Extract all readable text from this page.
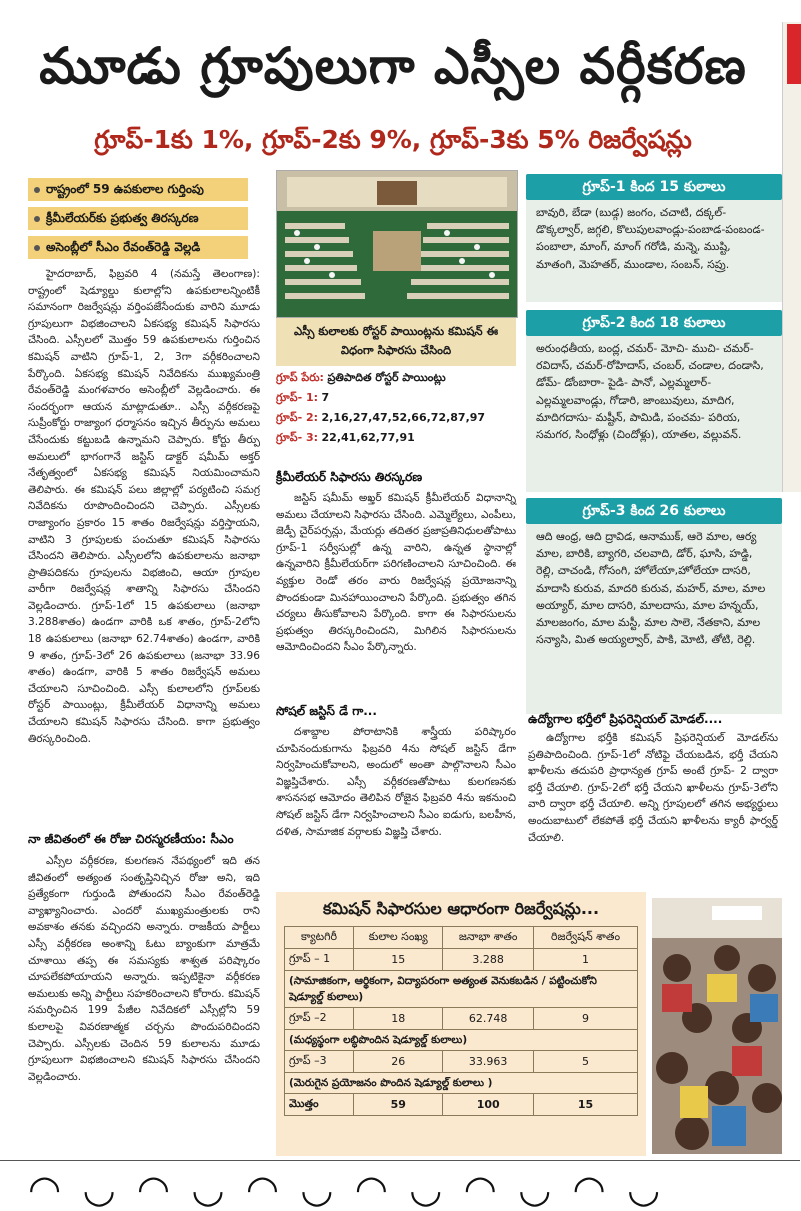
మూడు గ్రూపులుగా ఎస్సీల వర్గీకరణ
గ్రూప్-1కు 1%, గ్రూప్-2కు 9%, గ్రూప్-3కు 5% రిజర్వేషన్లు
రాష్ట్రంలో 59 ఉపకులాల గుర్తింపు
క్రీమీలేయర్‌కు ప్రభుత్వ తిరస్కరణ
అసెంబ్లీలో సీఎం రేవంత్‌రెడ్డి వెల్లడి

హైదరాబాద్, ఫిబ్రవరి 4 (నమస్తే తెలంగాణ): రాష్ట్రంలో షెడ్యూల్డు కులాల్లోని ఉపకులాలన్నింటికీ సమానంగా రిజర్వేషన్లు వర్తింపజేసేందుకు వారిని మూడు గ్రూపులుగా విభజించాలని ఏకసభ్య కమిషన్ సిఫారసు చేసింది. ఎస్సీలలో మొత్తం 59 ఉపకులాలను గుర్తించిన కమిషన్ వాటిని గ్రూప్-1, 2, 3గా వర్గీకరించాలని పేర్కొంది. ఏకసభ్య కమిషన్ నివేదికను ముఖ్యమంత్రి రేవంత్‌రెడ్డి మంగళవారం అసెంబ్లీలో వెల్లడించారు. ఈ సందర్భంగా ఆయన మాట్లాడుతూ.. ఎస్సీ వర్గీకరణపై సుప్రీంకోర్టు రాజ్యాంగ ధర్మాసనం ఇచ్చిన తీర్పును అమలు చేసేందుకు కట్టుబడి ఉన్నామని చెప్పారు. కోర్టు తీర్పు అమలులో భాగంగానే జస్టిస్ డాక్టర్ షమీమ్ అక్తర్ నేతృత్వంలో ఏకసభ్య కమిషన్ నియమించామని తెలిపారు. ఈ కమిషన్ పలు జిల్లాల్లో పర్యటించి సమగ్ర నివేదికను రూపొందించిందని చెప్పారు. ఎస్సీలకు రాజ్యాంగం ప్రకారం 15 శాతం రిజర్వేషన్లు వర్తిస్తాయని, వాటిని 3 గ్రూపులకు పంచుతూ కమిషన్ సిఫారసు చేసిందని తెలిపారు. ఎస్సీలలోని ఉపకులాలను జనాభా ప్రాతిపదికను గ్రూపులను విభజించి, ఆయా గ్రూపుల వారీగా రిజర్వేషన్ల శాతాన్ని సిఫారసు చేసిందని వెల్లడించారు. గ్రూప్-1లో 15 ఉపకులాలు (జనాభా 3.288శాతం) ఉండగా వారికి ఒక శాతం, గ్రూప్-2లోని 18 ఉపకులాలు (జనాభా 62.74శాతం) ఉండగా, వారికి 9 శాతం, గ్రూప్-3లో 26 ఉపకులాలు (జనాభా 33.96 శాతం) ఉండగా, వారికి 5 శాతం రిజర్వేషన్ అమలు చేయాలని సూచించింది. ఎస్సీ కులాలలోని గ్రూప్‌లకు రోస్టర్ పాయింట్లు, క్రీమీలేయర్ విధానాన్ని అమలు చేయాలని కమిషన్ సిఫారసు చేసింది. కాగా ప్రభుత్వం తిరస్కరించింది.

నా జీవితంలో ఈ రోజు చిరస్మరణీయం: సీఎం

ఎస్సీల వర్గీకరణ, కులగణన నేపథ్యంలో ఇది తన జీవితంలో అత్యంత సంతృప్తినిచ్చిన రోజు అని, ఇది ప్రత్యేకంగా గుర్తుండి పోతుందని సీఎం రేవంత్‌రెడ్డి వ్యాఖ్యానించారు. ఎందరో ముఖ్యమంత్రులకు రాని అవకాశం తనకు వచ్చిందని అన్నారు. రాజకీయ పార్టీలు ఎస్సీ వర్గీకరణ అంశాన్ని ఓటు బ్యాంకుగా మాత్రమే చూశాయి తప్ప ఈ సమస్యకు శాశ్వత పరిష్కారం చూపలేకపోయాయని అన్నారు. ఇప్పటికైనా వర్గీకరణ అమలుకు అన్ని పార్టీలు సహకరించాలని కోరారు. కమిషన్ సమర్పించిన 199 పేజీల నివేదికలో ఎస్సీల్లోని 59 కులాలపై వివరణాత్మక చర్చను పొందుపరిచిందని చెప్పారు. ఎస్సీలకు చెందిన 59 కులాలను మూడు గ్రూపులుగా విభజించాలని కమిషన్ సిఫారసు చేసిందని వెల్లడించారు.

ఎస్సీ కులాలకు రోస్టర్ పాయింట్లను కమిషన్ ఈ విధంగా సిఫారసు చేసింది
గ్రూప్ పేరు: ప్రతిపాదిత రోస్టర్ పాయింట్లు
గ్రూప్- 1: 7
గ్రూప్- 2: 2,16,27,47,52,66,72,87,97
గ్రూప్- 3: 22,41,62,77,91
క్రీమీలేయర్ సిఫారసు తిరస్కరణ

జస్టిస్ షమీమ్ అఖ్తర్ కమిషన్ క్రీమీలేయర్ విధానాన్ని అమలు చేయాలని సిఫారసు చేసింది. ఎమ్మెల్యేలు, ఎంపీలు, జెడ్పీ చైర్‌పర్సన్లు, మేయర్లు తదితర ప్రజాప్రతినిధులతోపాటు గ్రూప్-1 సర్వీసుల్లో ఉన్న వారిని, ఉన్నత స్థానాల్లో ఉన్నవారిని క్రీమీలేయర్‌గా పరిగణించాలని సూచించింది. ఈ వ్యక్తుల రెండో తరం వారు రిజర్వేషన్ల ప్రయోజనాన్ని పొందకుండా మినహాయించాలని పేర్కొంది. ప్రభుత్వం తగిన చర్యలు తీసుకోవాలని పేర్కొంది. కాగా ఈ సిఫారసులను ప్రభుత్వం తిరస్కరించిందని, మిగిలిన సిఫారసులను ఆమోదించిందని సీఎం పేర్కొన్నారు.

సోషల్ జస్టిస్ డే గా...

దశాబ్దాల పోరాటానికి శాస్త్రీయ పరిష్కారం చూపినందుకుగాను ఫిబ్రవరి 4ను సోషల్ జస్టిస్ డేగా నిర్వహించుకోవాలని, అందులో అంతా పాల్గొనాలని సీఎం విజ్ఞప్తిచేశారు. ఎస్సీ వర్గీకరణతోపాటు కులగణనకు శాసనసభ ఆమోదం తెలిపిన రోజైన ఫిబ్రవరి 4ను ఇకనుంచి సోషల్ జస్టిస్ డేగా నిర్వహించాలని సీఎం ఐడుగు, బలహీన, దళిత, సామాజిక వర్గాలకు విజ్ఞప్తి చేశారు.

గ్రూప్-1 కింద 15 కులాలు
బావురి, బేడా (బుడ్గ) జంగం, చచాటి, దక్కల్- డొక్కల్వార్, జగ్గలి, కొలుపులవాండ్లు-పంబాడ-పంబండ-పంబాలా, మాంగ్, మాంగ్ గరోడి, మన్నె, ముష్టి, మాతంగి, మెహతర్, ముండాల, సంబన్, సప్రు.
గ్రూప్-2 కింద 18 కులాలు
అరుంధతీయ, బంద్ల, చమర్- మోచి- ముచి- చమర్-రవిదాస్, చమర్-రోహిదాస్, చంబర్, చండాల, దండాసి, డోమ్- డోంబారా- పైడి- పానో, ఎల్లమ్మలార్- ఎల్లమ్మలవాండ్లు, గోడారి, జాంబువులు, మాదిగ, మాదిగదాసు- మష్టీన్, పామిడి, పంచమ- పరియ, సమగర, సింధోళ్లు (చిందోళ్లు), యాతల, వల్లువన్.
గ్రూప్-3 కింద 26 కులాలు
ఆది ఆంధ్ర, ఆది ద్రావిడ, ఆనాముక్, ఆరె మాల, ఆర్య మాల, బారికి, బ్యాగరి, చలవాది, డోర్, ఘాసి, హడ్డి, రెల్లి, చాచండి, గోసంగి, హోలేయా,హోలేయా దాసరి, మాదాసి కురువ, మాదరి కురువ, మహర్, మాల, మాల అయ్యార్, మాల దాసరి, మాలదాసు, మాల హన్నయ్, మాలజంగం, మాల మస్టీ, మాల సాలె, నేతకాని, మాల సన్యాసి, మిత అయ్యల్వార్, పాకి, మోటి, తోటి, రెల్లి.
ఉద్యోగాల భర్తీలో ప్రిఫరెన్షియల్ మోడల్....

ఉద్యోగాల భర్తీకి కమిషన్ ప్రిఫరెన్షియల్ మోడల్‌ను ప్రతిపాదించింది. గ్రూప్-1లో నోటిఫై చేయబడిన, భర్తీ చేయని ఖాళీలను తదుపరి ప్రాధాన్యత గ్రూప్ అంటే గ్రూప్- 2 ద్వారా భర్తీ చేయాలి. గ్రూప్-2లో భర్తీ చేయని ఖాళీలను గ్రూప్-3లోని వారి ద్వారా భర్తీ చేయాలి. అన్ని గ్రూపులలో తగిన అభ్యర్థులు అందుబాటులో లేకపోతే భర్తీ చేయని ఖాళీలను క్యారీ ఫార్వర్డ్ చేయాలి.

కమిషన్ సిఫారసుల ఆధారంగా రిజర్వేషన్లు...
క్యాటగిరీ	కులాల సంఖ్య	జనాభా శాతం	రిజర్వేషన్ శాతం
గ్రూప్ – 1	15	3.288	1
(సామాజికంగా, ఆర్థికంగా, విద్యాపరంగా అత్యంత వెనుకబడిన / పట్టించుకోని షెడ్యూల్డ్ కులాలు)			
గ్రూప్ –2	18	62.748	9
(మధ్యస్థంగా లబ్ధిపొందిన షెడ్యూల్డ్ కులాలు)			
గ్రూప్ –3	26	33.963	5
(మెరుగైన ప్రయోజనం పొందిన షెడ్యూల్డ్ కులాలు )			
మొత్తం	59	100	15
◠ ◡ ◠ ◡ ◠ ◡ ◠ ◡ ◠ ◡ ◠ ◡
